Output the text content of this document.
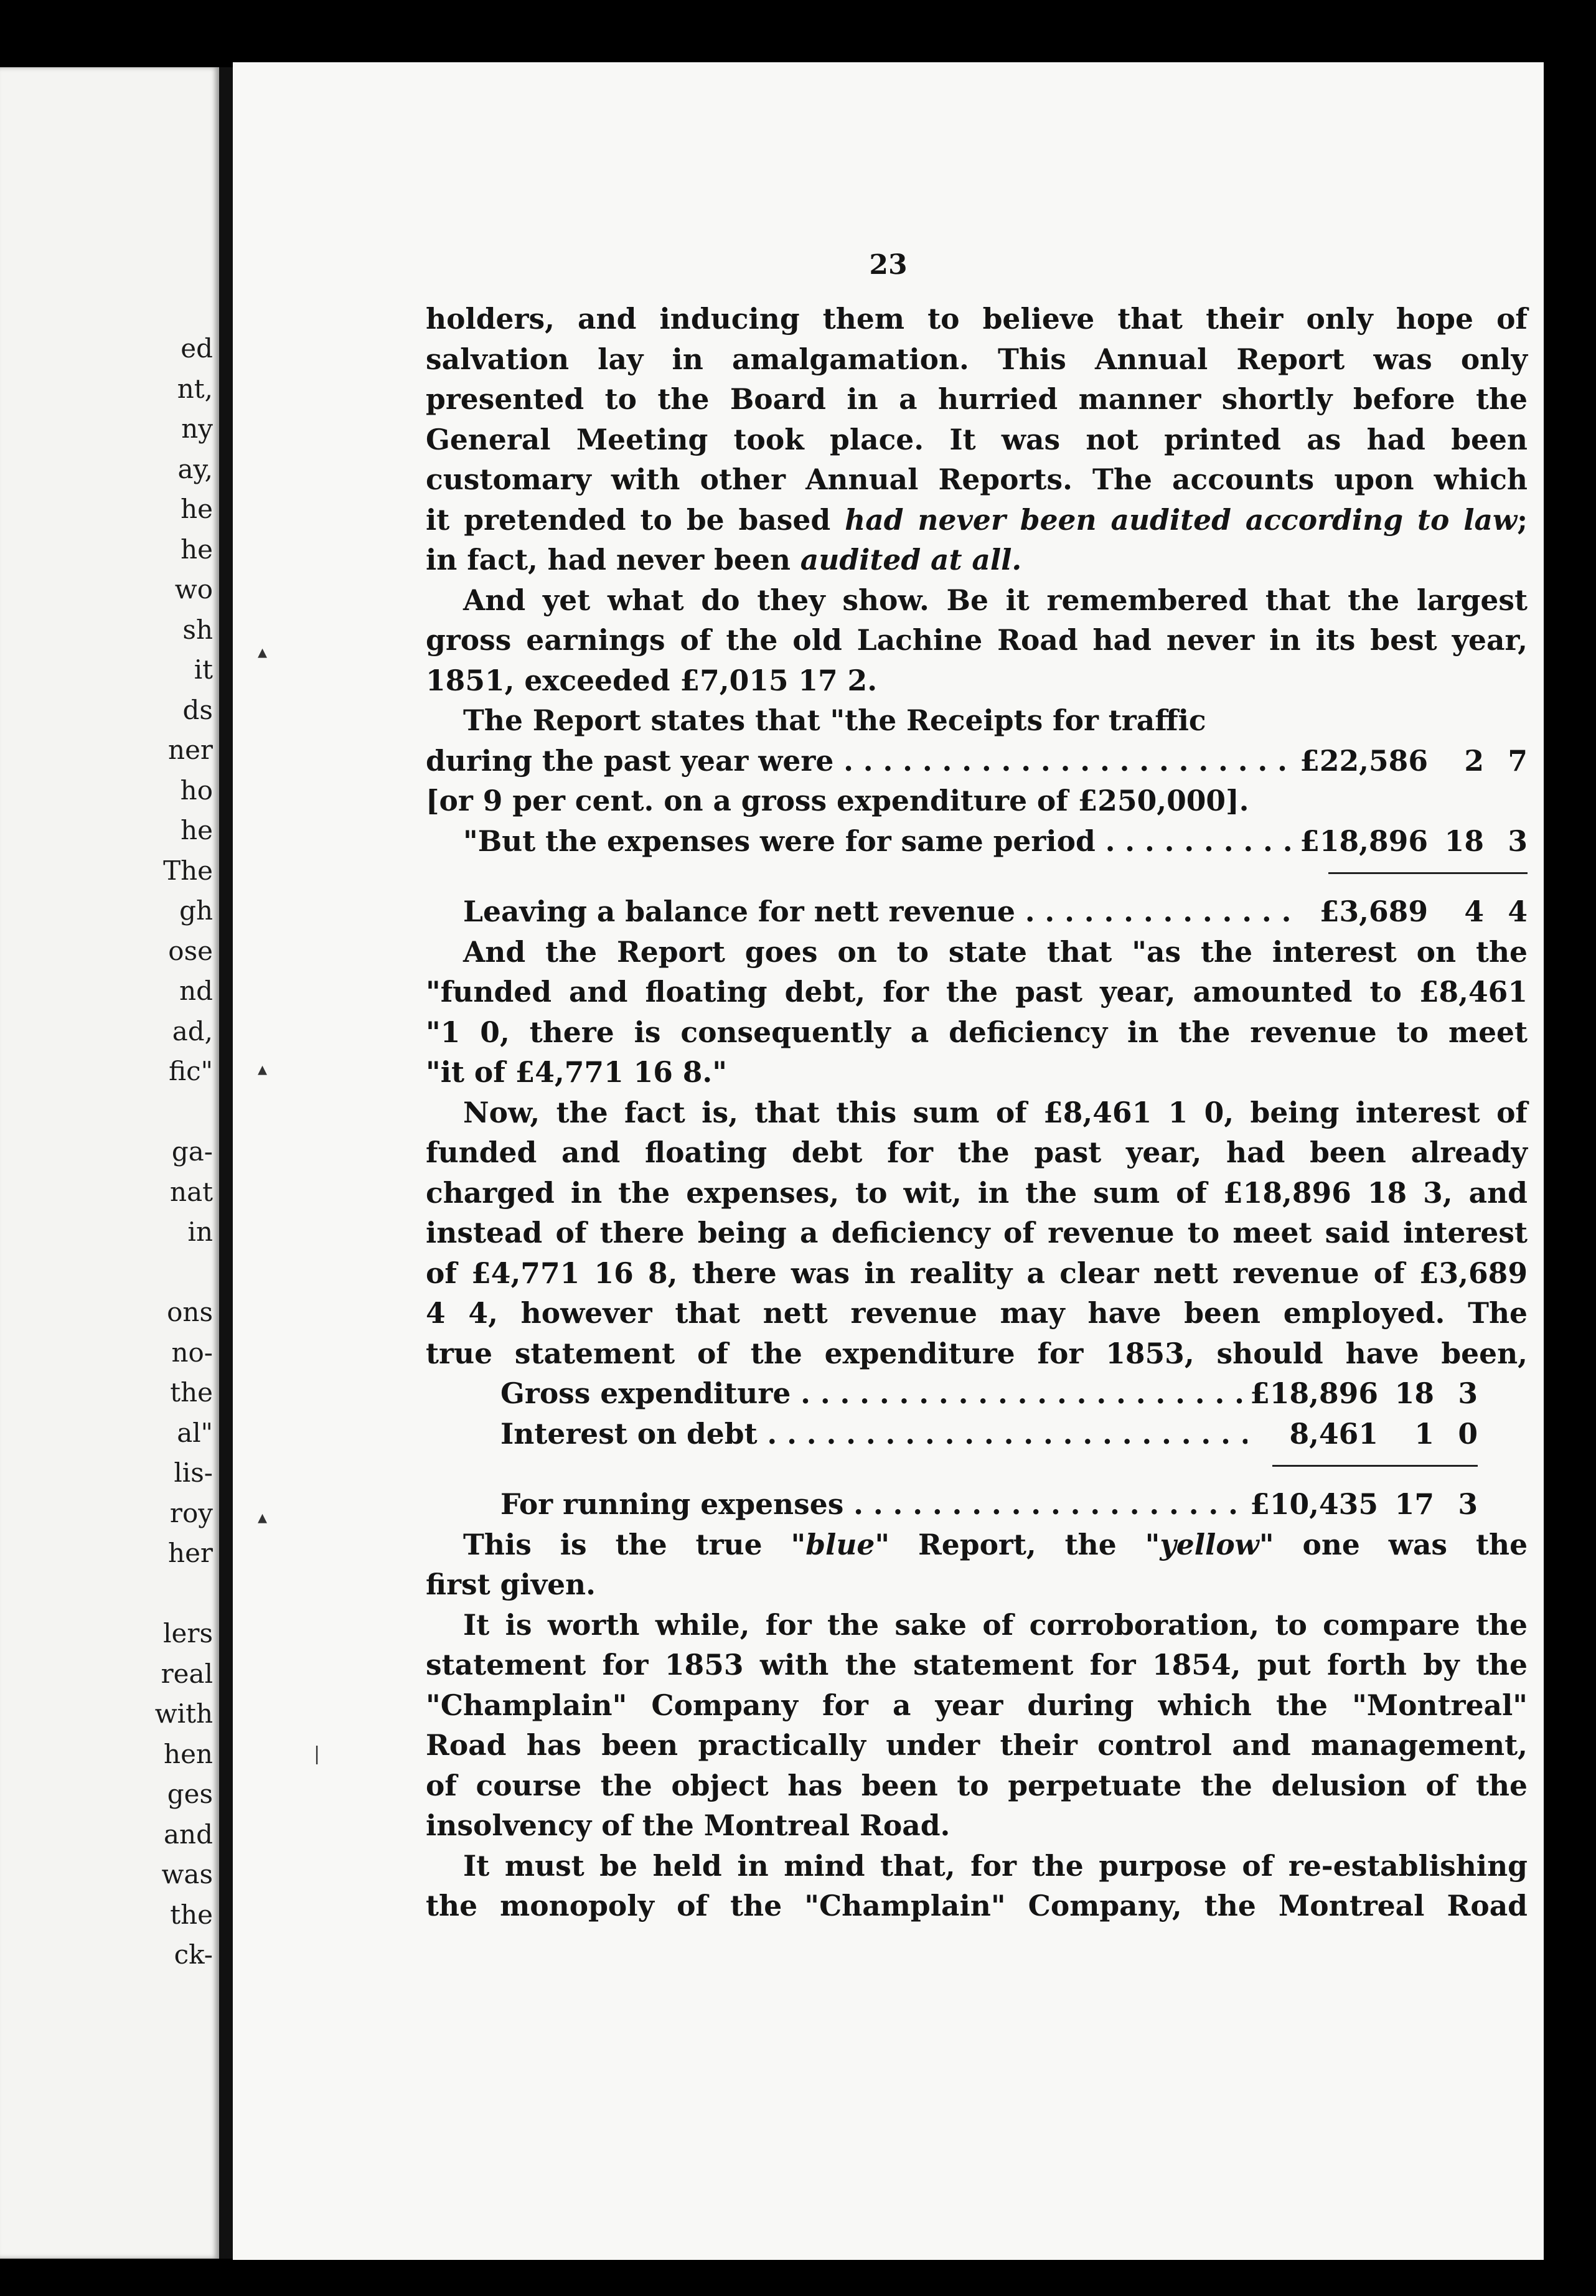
ed
nt,
ny
ay,
he
he
wo
sh
it
ds
ner
ho
he
The
gh
ose
nd
ad,
fic"
ga-
nat
in
ons
no-
the
al"
lis-
roy
her
lers
real
with
hen
ges
and
was
the
ck-
23
holders, and inducing them to believe that their only hope of
salvation lay in amalgamation. This Annual Report was only
presented to the Board in a hurried manner shortly before the
General Meeting took place. It was not printed as had been
customary with other Annual Reports. The accounts upon which
it pretended to be based had never been audited according to law;
in fact, had never been audited at all.
And yet what do they show. Be it remembered that the largest
gross earnings of the old Lachine Road had never in its best year,
1851, exceeded £7,015 17 2.
The Report states that "the Receipts for traffic
during the past year were . . .	£22,586	2 7
[or 9 per cent. on a gross expenditure of £250,000].
"But the expenses were for same period . . .	£18,896 18 3
Leaving a balance for nett revenue . . .	£3,689	4 4
And the Report goes on to state that "as the interest on the
"funded and floating debt, for the past year, amounted to £8,461
"1 0, there is consequently a deficiency in the revenue to meet
"it of £4,771 16 8."
Now, the fact is, that this sum of £8,461 1 0, being interest of
funded and floating debt for the past year, had been already
charged in the expenses, to wit, in the sum of £18,896 18 3, and
instead of there being a deficiency of revenue to meet said interest
of £4,771 16 8, there was in reality a clear nett revenue of £3,689
4 4, however that nett revenue may have been employed. The
true statement of the expenditure for 1853, should have been,
Gross expenditure . . .	£18,896 18 3
Interest on debt . . .	8,461	1 0
For running expenses . . .	£10,435 17 3
This is the true "blue" Report, the "yellow" one was the
first given.
It is worth while, for the sake of corroboration, to compare the
statement for 1853 with the statement for 1854, put forth by the
"Champlain" Company for a year during which the "Montreal"
Road has been practically under their control and management,
of course the object has been to perpetuate the delusion of the
insolvency of the Montreal Road.
It must be held in mind that, for the purpose of re-establishing
the monopoly of the "Champlain" Company, the Montreal Road
▴
▴
▴
|
